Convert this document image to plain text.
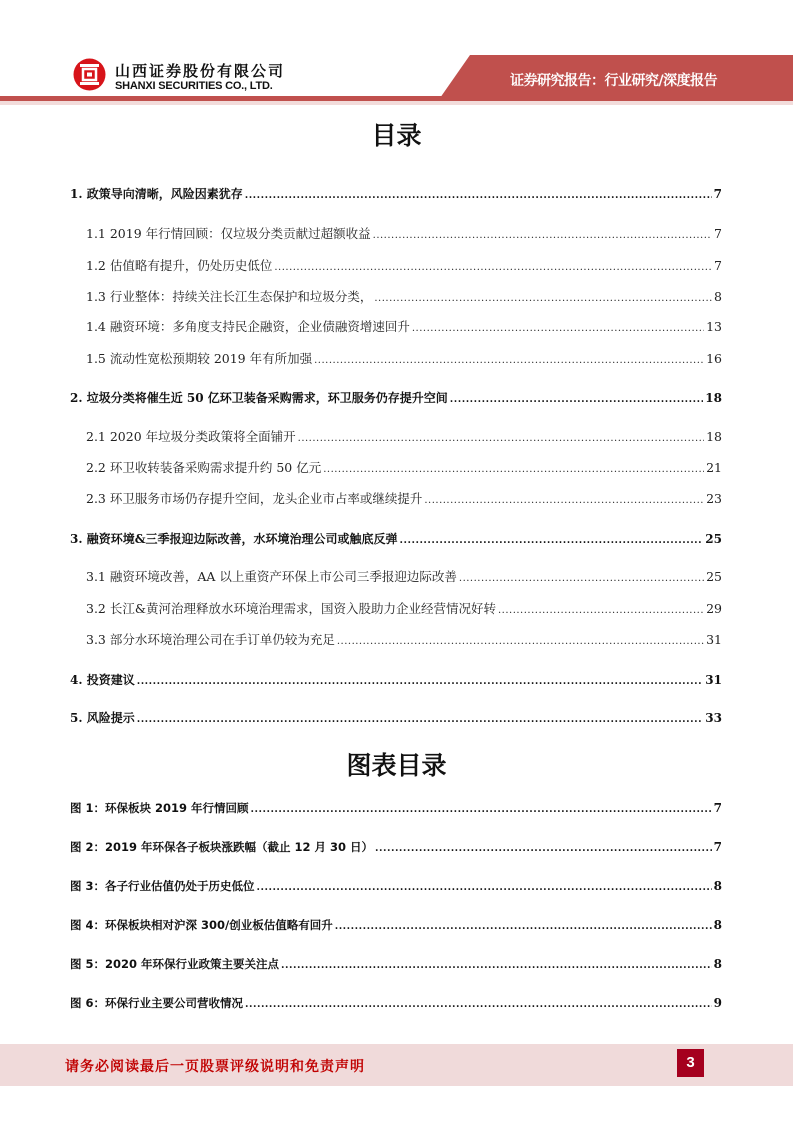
山西证券股份有限公司
SHANXI SECURITIES CO., LTD.	证券研究报告：行业研究/深度报告
目录
1. 政策导向清晰，风险因素犹存 .....	7
1.1 2019 年行情回顾：仅垃圾分类贡献过超额收益 .....	7
1.2 估值略有提升，仍处历史低位 .....	7
1.3 行业整体：持续关注长江生态保护和垃圾分类， .....	8
1.4 融资环境：多角度支持民企融资，企业债融资增速回升 .....	13
1.5 流动性宽松预期较 2019 年有所加强 .....	16
2. 垃圾分类将催生近 50 亿环卫装备采购需求，环卫服务仍存提升空间 .....	18
2.1 2020 年垃圾分类政策将全面铺开 .....	18
2.2 环卫收转装备采购需求提升约 50 亿元 .....	21
2.3 环卫服务市场仍存提升空间，龙头企业市占率或继续提升 .....	23
3. 融资环境&三季报迎边际改善，水环境治理公司或触底反弹 .....	25
3.1 融资环境改善，AA 以上重资产环保上市公司三季报迎边际改善 .....	25
3.2 长江&黄河治理释放水环境治理需求，国资入股助力企业经营情况好转 .....	29
3.3 部分水环境治理公司在手订单仍较为充足 .....	31
4. 投资建议 .....	31
5. 风险提示 .....	33
图表目录
图 1：环保板块 2019 年行情回顾 .....	7
图 2：2019 年环保各子板块涨跌幅（截止 12 月 30 日） .....	7
图 3：各子行业估值仍处于历史低位 .....	8
图 4：环保板块相对沪深 300/创业板估值略有回升 .....	8
图 5：2020 年环保行业政策主要关注点 .....	8
图 6：环保行业主要公司营收情况 .....	9
请务必阅读最后一页股票评级说明和免责声明	3
